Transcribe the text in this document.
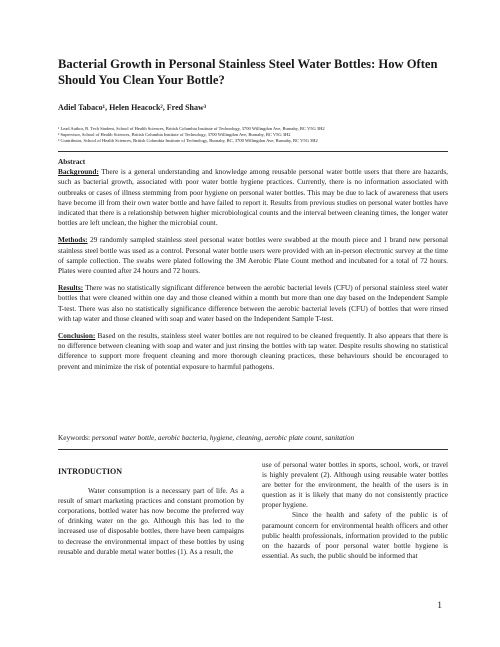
Bacterial Growth in Personal Stainless Steel Water Bottles: How Often Should You Clean Your Bottle?
Adiel Tabaco¹, Helen Heacock², Fred Shaw³
¹ Lead Author, B. Tech Student, School of Health Sciences, British Columbia Institute of Technology, 3700 Willingdon Ave, Burnaby, BC V5G 3H2
² Supervisor, School of Health Sciences, British Columbia Institute of Technology, 3700 Willingdon Ave, Burnaby, BC V5G 3H2
³ Contributor, School of Health Sciences, British Columbia Institute of Technology, Burnaby, BC, 3700 Willingdon Ave, Burnaby, BC V5G 3H2
Abstract

Background: There is a general understanding and knowledge among reusable personal water bottle users that there are hazards, such as bacterial growth, associated with poor water bottle hygiene practices. Currently, there is no information associated with outbreaks or cases of illness stemming from poor hygiene on personal water bottles. This may be due to lack of awareness that users have become ill from their own water bottle and have failed to report it. Results from previous studies on personal water bottles have indicated that there is a relationship between higher microbiological counts and the interval between cleaning times, the longer water bottles are left unclean, the higher the microbial count.

Methods: 29 randomly sampled stainless steel personal water bottles were swabbed at the mouth piece and 1 brand new personal stainless steel bottle was used as a control. Personal water bottle users were provided with an in-person electronic survey at the time of sample collection. The swabs were plated following the 3M Aerobic Plate Count method and incubated for a total of 72 hours. Plates were counted after 24 hours and 72 hours.

Results: There was no statistically significant difference between the aerobic bacterial levels (CFU) of personal stainless steel water bottles that were cleaned within one day and those cleaned within a month but more than one day based on the Independent Sample T-test. There was also no statistically significance difference between the aerobic bacterial levels (CFU) of bottles that were rinsed with tap water and those cleaned with soap and water based on the Independent Sample T-test.

Conclusion: Based on the results, stainless steel water bottles are not required to be cleaned frequently. It also appears that there is no difference between cleaning with soap and water and just rinsing the bottles with tap water. Despite results showing no statistical difference to support more frequent cleaning and more thorough cleaning practices, these behaviours should be encouraged to prevent and minimize the risk of potential exposure to harmful pathogens.

Keywords: personal water bottle, aerobic bacteria, hygiene, cleaning, aerobic plate count, sanitation

INTRODUCTION

Water consumption is a necessary part of life. As a result of smart marketing practices and constant promotion by corporations, bottled water has now become the preferred way of drinking water on the go. Although this has led to the increased use of disposable bottles, there have been campaigns to decrease the environmental impact of these bottles by using reusable and durable metal water bottles (1). As a result, the

use of personal water bottles in sports, school, work, or travel is highly prevalent (2). Although using reusable water bottles are better for the environment, the health of the users is in question as it is likely that many do not consistently practice proper hygiene.

Since the health and safety of the public is of paramount concern for environmental health officers and other public health professionals, information provided to the public on the hazards of poor personal water bottle hygiene is essential. As such, the public should be informed that

1
